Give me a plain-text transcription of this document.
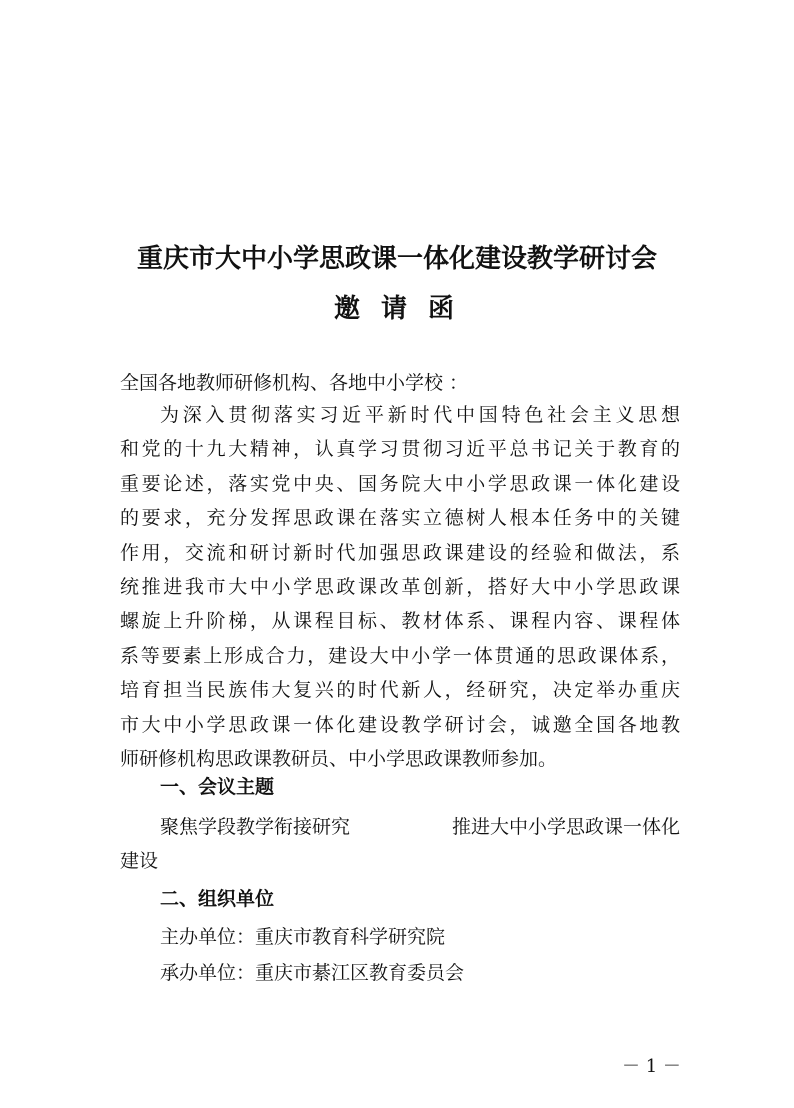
重庆市大中小学思政课一体化建设教学研讨会
邀 请 函
全国各地教师研修机构、各地中小学校 ：
为深入贯彻落实习近平新时代中国特色社会主义思想
和党的十九大精神，认真学习贯彻习近平总书记关于教育的
重要论述，落实党中央、国务院大中小学思政课一体化建设
的要求，充分发挥思政课在落实立德树人根本任务中的关键
作用，交流和研讨新时代加强思政课建设的经验和做法，系
统推进我市大中小学思政课改革创新，搭好大中小学思政课
螺旋上升阶梯，从课程目标、教材体系、课程内容、课程体
系等要素上形成合力，建设大中小学一体贯通的思政课体系，
培育担当民族伟大复兴的时代新人，经研究，决定举办重庆
市大中小学思政课一体化建设教学研讨会，诚邀全国各地教
师研修机构思政课教研员、中小学思政课教师参加。
一、会议主题
聚焦学段教学衔接研究	推进大中小学思政课一体化
建设
二、组织单位
主办单位：重庆市教育科学研究院
承办单位：重庆市綦江区教育委员会
－ 1 －
